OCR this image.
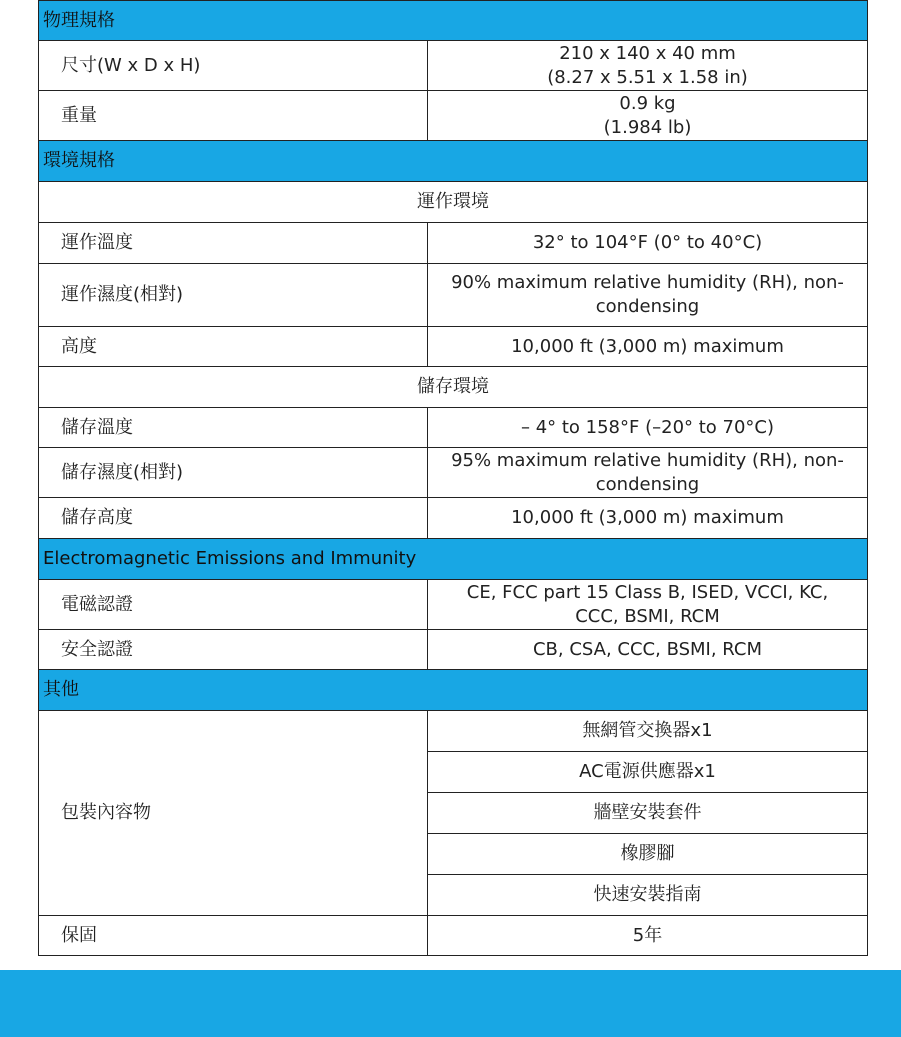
物理規格	
尺寸(W x D x H)	210 x 140 x 40 mm
(8.27 x 5.51 x 1.58 in)

重量	0.9 kg
(1.984 lb)

環境規格	
運作環境	
運作溫度	32° to 104°F (0° to 40°C)
運作濕度(相對)	90% maximum relative humidity (RH), non-condensing
高度	10,000 ft (3,000 m) maximum
儲存環境	
儲存溫度	– 4° to 158°F (–20° to 70°C)
儲存濕度(相對)	95% maximum relative humidity (RH), non-condensing
儲存高度	10,000 ft (3,000 m) maximum
Electromagnetic Emissions and Immunity	
電磁認證	CE, FCC part 15 Class B, ISED, VCCI, KC, CCC, BSMI, RCM
安全認證	CB, CSA, CCC, BSMI, RCM
其他	
包裝內容物	無網管交換器x1
	AC電源供應器x1
	牆壁安裝套件
	橡膠腳
	快速安裝指南
保固	5年
